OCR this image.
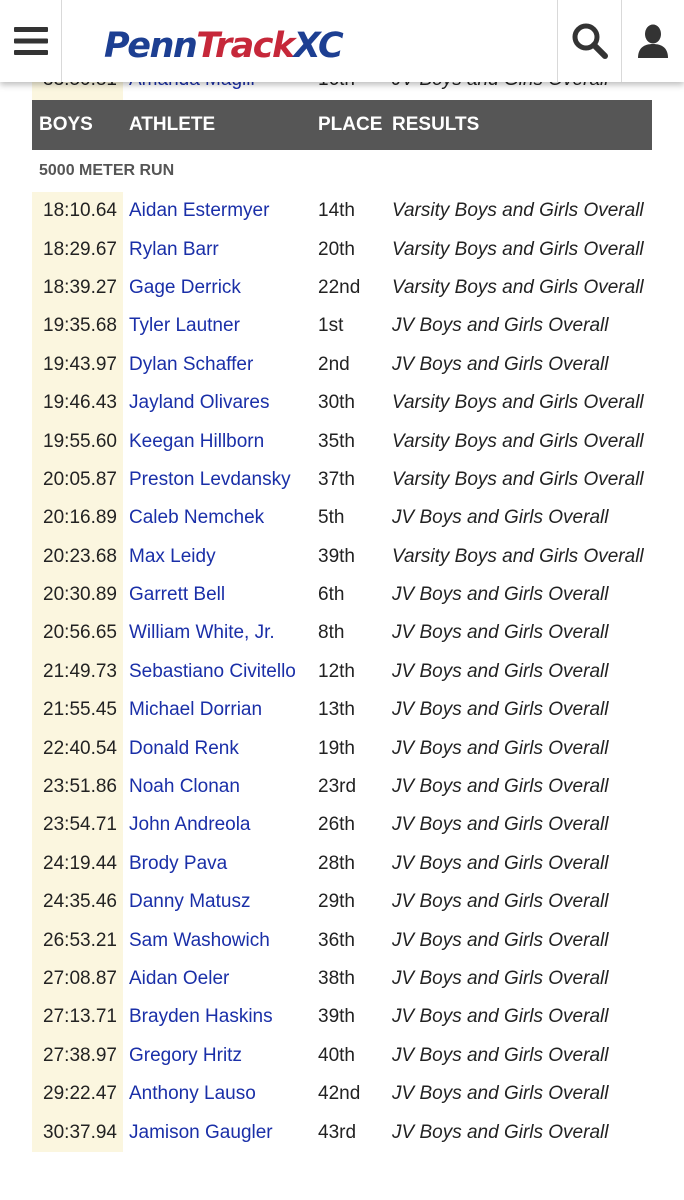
Penn Track XC
BOYS ATHLETE	PLACE RESULTS
5000 METER RUN
18:10.64 Aidan Estermyer	14th Varsity Boys and Girls Overall
18:29.67 Rylan Barr	20th Varsity Boys and Girls Overall
18:39.27 Gage Derrick	22nd Varsity Boys and Girls Overall
19:35.68 Tyler Lautner	1st	JV Boys and Girls Overall
19:43.97 Dylan Schaffer	2nd JV Boys and Girls Overall
19:46.43 Jayland Olivares	30th Varsity Boys and Girls Overall
19:55.60 Keegan Hillborn	35th Varsity Boys and Girls Overall
20:05.87 Preston Levdansky 37th Varsity Boys and Girls Overall
20:16.89 Caleb Nemchek	5th	JV Boys and Girls Overall
20:23.68 Max Leidy	39th Varsity Boys and Girls Overall
20:30.89 Garrett Bell	6th	JV Boys and Girls Overall
20:56.65 William White, Jr. 8th	JV Boys and Girls Overall
21:49.73 Sebastiano Civitello 12th JV Boys and Girls Overall
21:55.45 Michael Dorrian	13th JV Boys and Girls Overall
22:40.54 Donald Renk	19th JV Boys and Girls Overall
23:51.86 Noah Clonan	23rd JV Boys and Girls Overall
23:54.71 John Andreola	26th JV Boys and Girls Overall
24:19.44 Brody Pava	28th JV Boys and Girls Overall
24:35.46 Danny Matusz	29th JV Boys and Girls Overall
26:53.21 Sam Washowich	36th JV Boys and Girls Overall
27:08.87 Aidan Oeler	38th JV Boys and Girls Overall
27:13.71 Brayden Haskins 39th JV Boys and Girls Overall
27:38.97 Gregory Hritz	40th JV Boys and Girls Overall
29:22.47 Anthony Lauso	42nd JV Boys and Girls Overall
30:37.94 Jamison Gaugler 43rd JV Boys and Girls Overall
